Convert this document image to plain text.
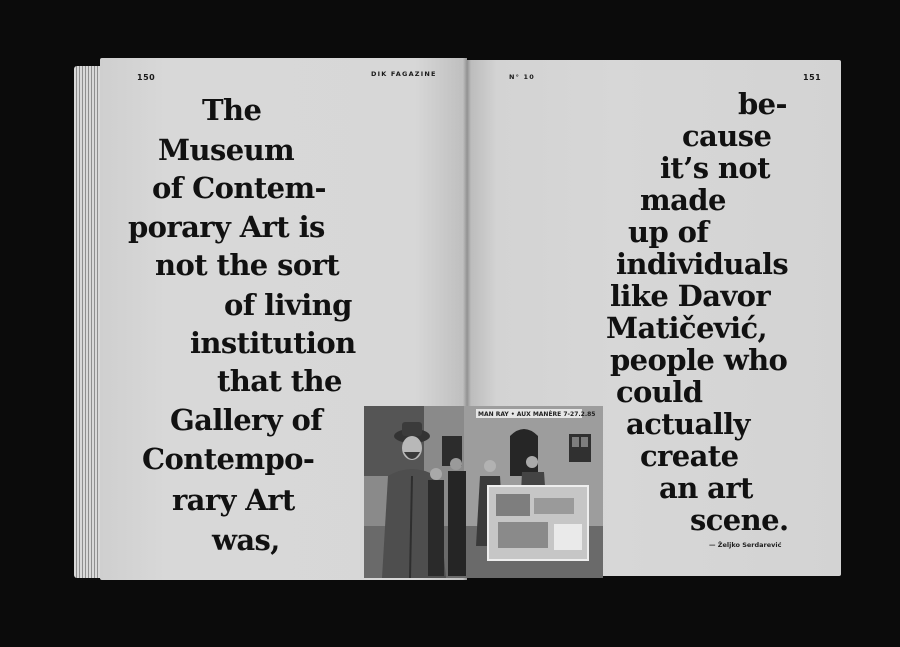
150	DIK FAGAZINE	N° 10	151
The
Museum
of Contem-
porary Art is
not the sort
of living
institution
that the
Gallery of
Contempo-
rary Art
was,
be-
cause
it’s not
made
up of
individuals
like Davor
Matičević,
people who
could
actually
create
an art
scene.
— Željko Serdarević
MAN RAY • AUX MANÈRE 7-27.2.85
